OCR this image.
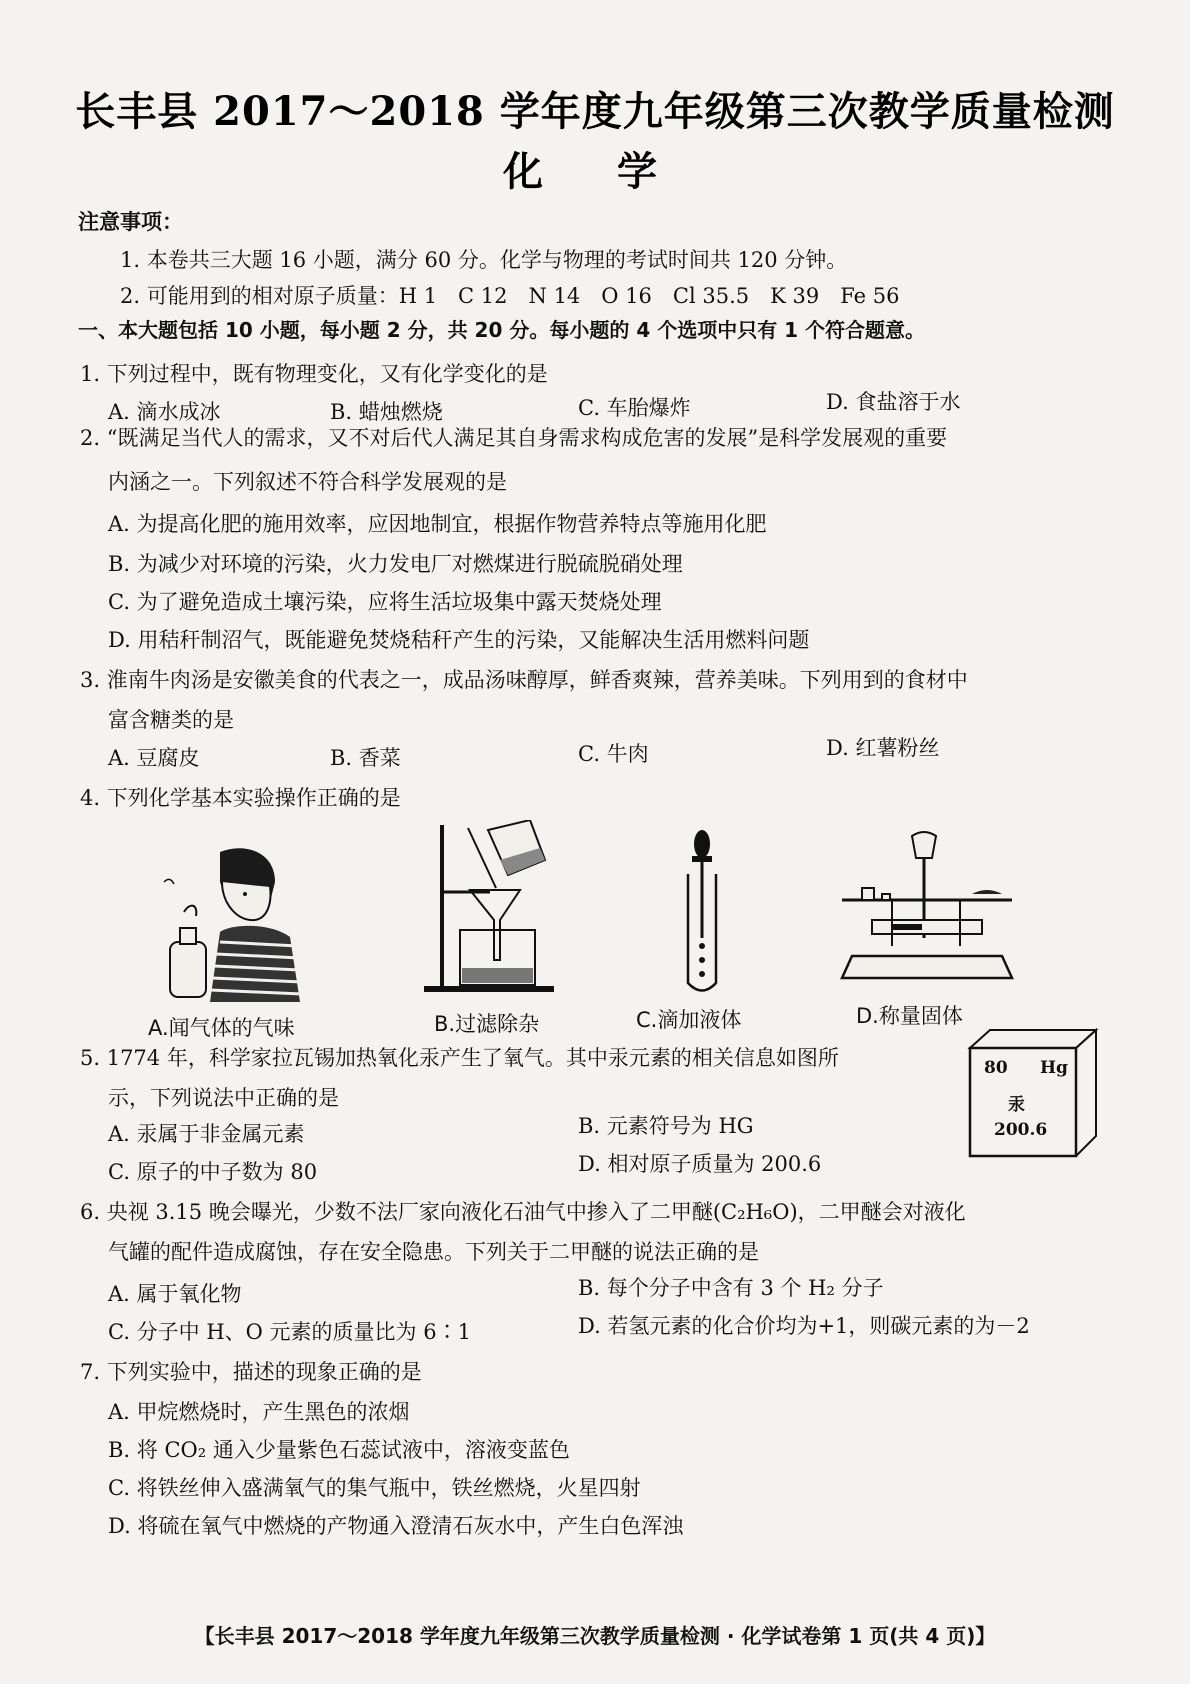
长丰县 2017～2018 学年度九年级第三次教学质量检测
化 学
注意事项：
1. 本卷共三大题 16 小题，满分 60 分。化学与物理的考试时间共 120 分钟。
2. 可能用到的相对原子质量：H 1　C 12　N 14　O 16　Cl 35.5　K 39　Fe 56
一、本大题包括 10 小题，每小题 2 分，共 20 分。每小题的 4 个选项中只有 1 个符合题意。
1. 下列过程中，既有物理变化，又有化学变化的是
A. 滴水成冰	B. 蜡烛燃烧	C. 车胎爆炸	D. 食盐溶于水
2. “既满足当代人的需求，又不对后代人满足其自身需求构成危害的发展”是科学发展观的重要
内涵之一。下列叙述不符合科学发展观的是
A. 为提高化肥的施用效率，应因地制宜，根据作物营养特点等施用化肥
B. 为减少对环境的污染，火力发电厂对燃煤进行脱硫脱硝处理
C. 为了避免造成土壤污染，应将生活垃圾集中露天焚烧处理
D. 用秸秆制沼气，既能避免焚烧秸秆产生的污染，又能解决生活用燃料问题
3. 淮南牛肉汤是安徽美食的代表之一，成品汤味醇厚，鲜香爽辣，营养美味。下列用到的食材中
富含糖类的是
A. 豆腐皮	B. 香菜	C. 牛肉	D. 红薯粉丝
4. 下列化学基本实验操作正确的是
A.闻气体的气味	B.过滤除杂	C.滴加液体	D.称量固体
5. 1774 年，科学家拉瓦锡加热氧化汞产生了氧气。其中汞元素的相关信息如图所
示，下列说法中正确的是
A. 汞属于非金属元素	B. 元素符号为 HG
C. 原子的中子数为 80	D. 相对原子质量为 200.6
80 Hg
汞
200.6
6. 央视 3.15 晚会曝光，少数不法厂家向液化石油气中掺入了二甲醚(C₂H₆O)，二甲醚会对液化
气罐的配件造成腐蚀，存在安全隐患。下列关于二甲醚的说法正确的是
A. 属于氧化物	B. 每个分子中含有 3 个 H₂ 分子
C. 分子中 H、O 元素的质量比为 6∶1	D. 若氢元素的化合价均为+1，则碳元素的为－2
7. 下列实验中，描述的现象正确的是
A. 甲烷燃烧时，产生黑色的浓烟
B. 将 CO₂ 通入少量紫色石蕊试液中，溶液变蓝色
C. 将铁丝伸入盛满氧气的集气瓶中，铁丝燃烧，火星四射
D. 将硫在氧气中燃烧的产物通入澄清石灰水中，产生白色浑浊
【长丰县 2017～2018 学年度九年级第三次教学质量检测 · 化学试卷第 1 页(共 4 页)】
